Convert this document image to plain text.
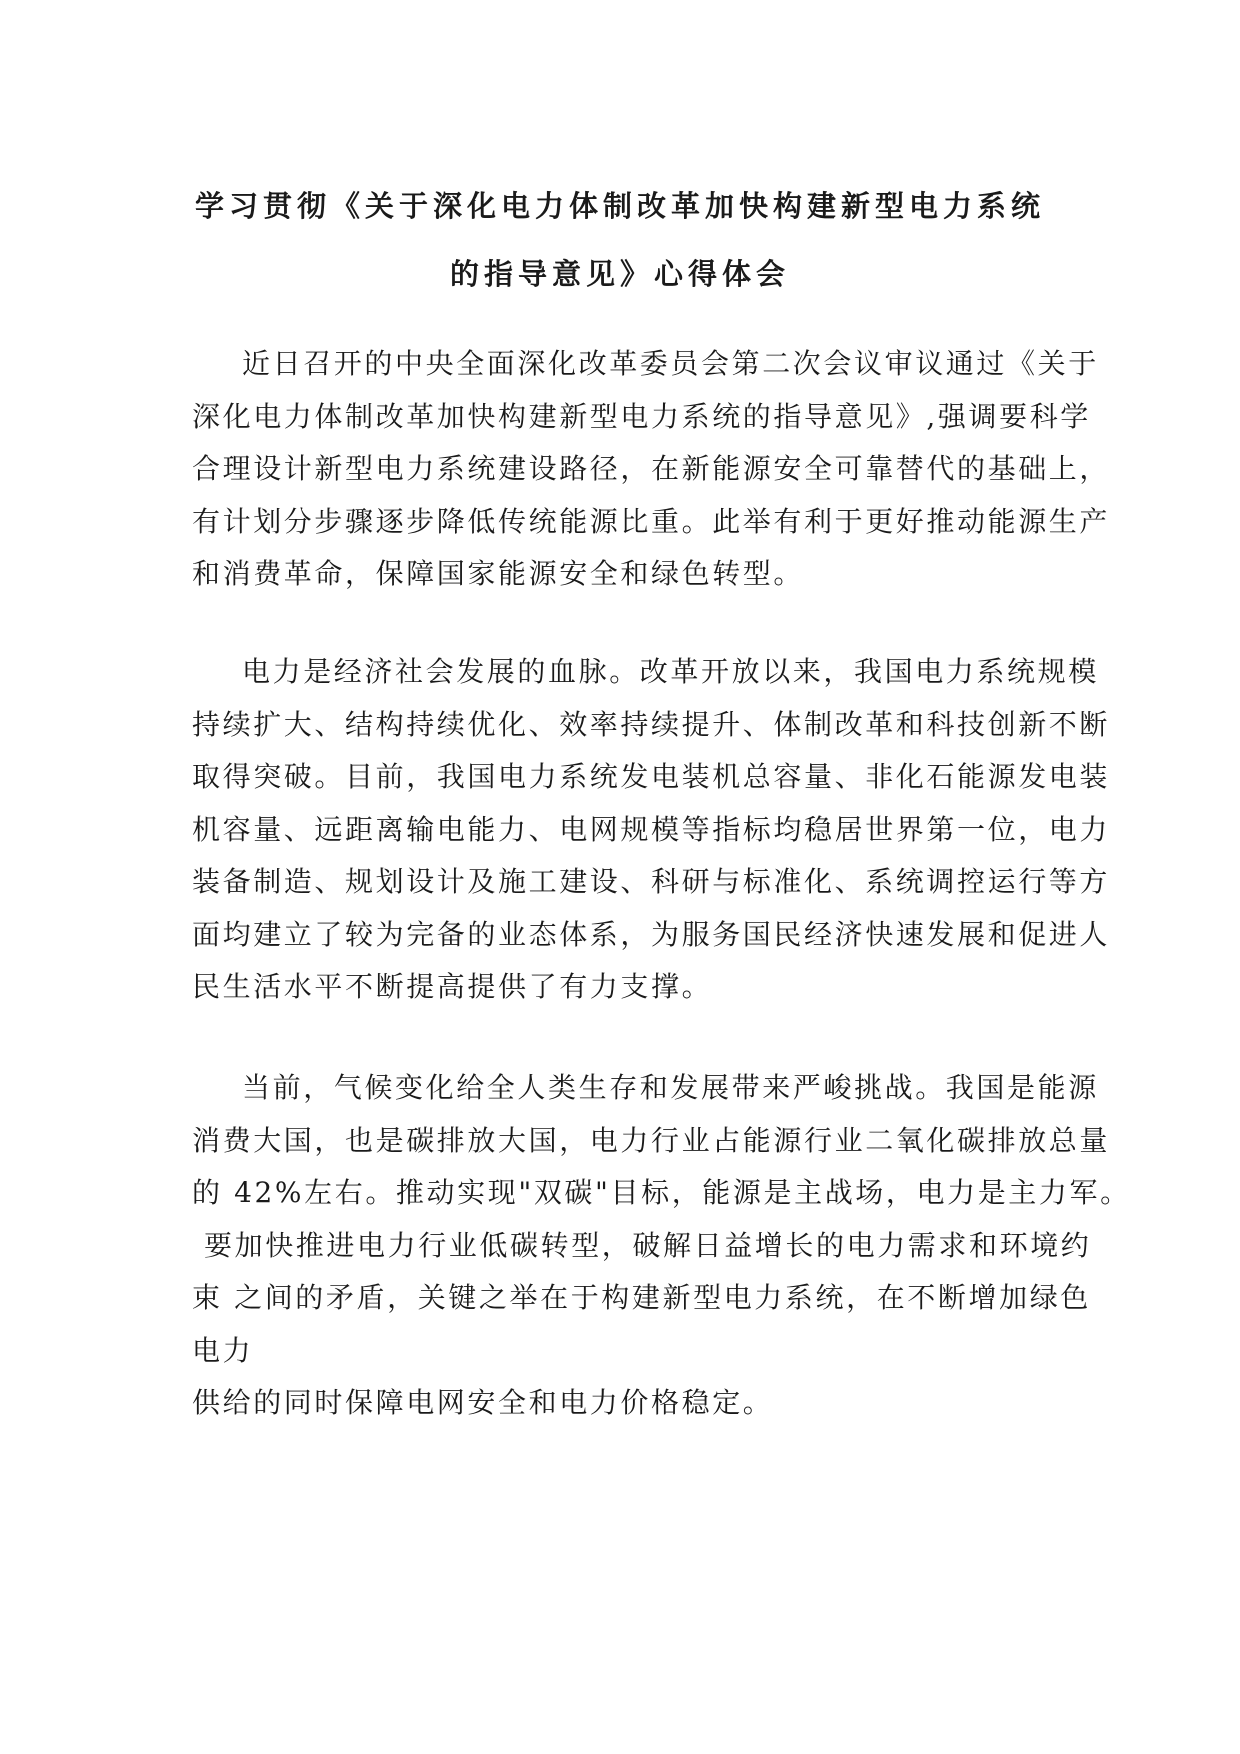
学习贯彻《关于深化电力体制改革加快构建新型电力系统
的指导意见》心得体会
近日召开的中央全面深化改革委员会第二次会议审议通过《关于
深化电力体制改革加快构建新型电力系统的指导意见》,强调要科学
合理设计新型电力系统建设路径，在新能源安全可靠替代的基础上，
有计划分步骤逐步降低传统能源比重。此举有利于更好推动能源生产
和消费革命，保障国家能源安全和绿色转型。
电力是经济社会发展的血脉。改革开放以来，我国电力系统规模
持续扩大、结构持续优化、效率持续提升、体制改革和科技创新不断
取得突破。目前，我国电力系统发电装机总容量、非化石能源发电装
机容量、远距离输电能力、电网规模等指标均稳居世界第一位，电力
装备制造、规划设计及施工建设、科研与标准化、系统调控运行等方
面均建立了较为完备的业态体系，为服务国民经济快速发展和促进人
民生活水平不断提高提供了有力支撑。
当前，气候变化给全人类生存和发展带来严峻挑战。我国是能源
消费大国，也是碳排放大国，电力行业占能源行业二氧化碳排放总量
的 42%左右。推动实现"双碳"目标，能源是主战场，电力是主力军。
要加快推进电力行业低碳转型，破解日益增长的电力需求和环境约
束 之间的矛盾，关键之举在于构建新型电力系统，在不断增加绿色
电力
供给的同时保障电网安全和电力价格稳定。
